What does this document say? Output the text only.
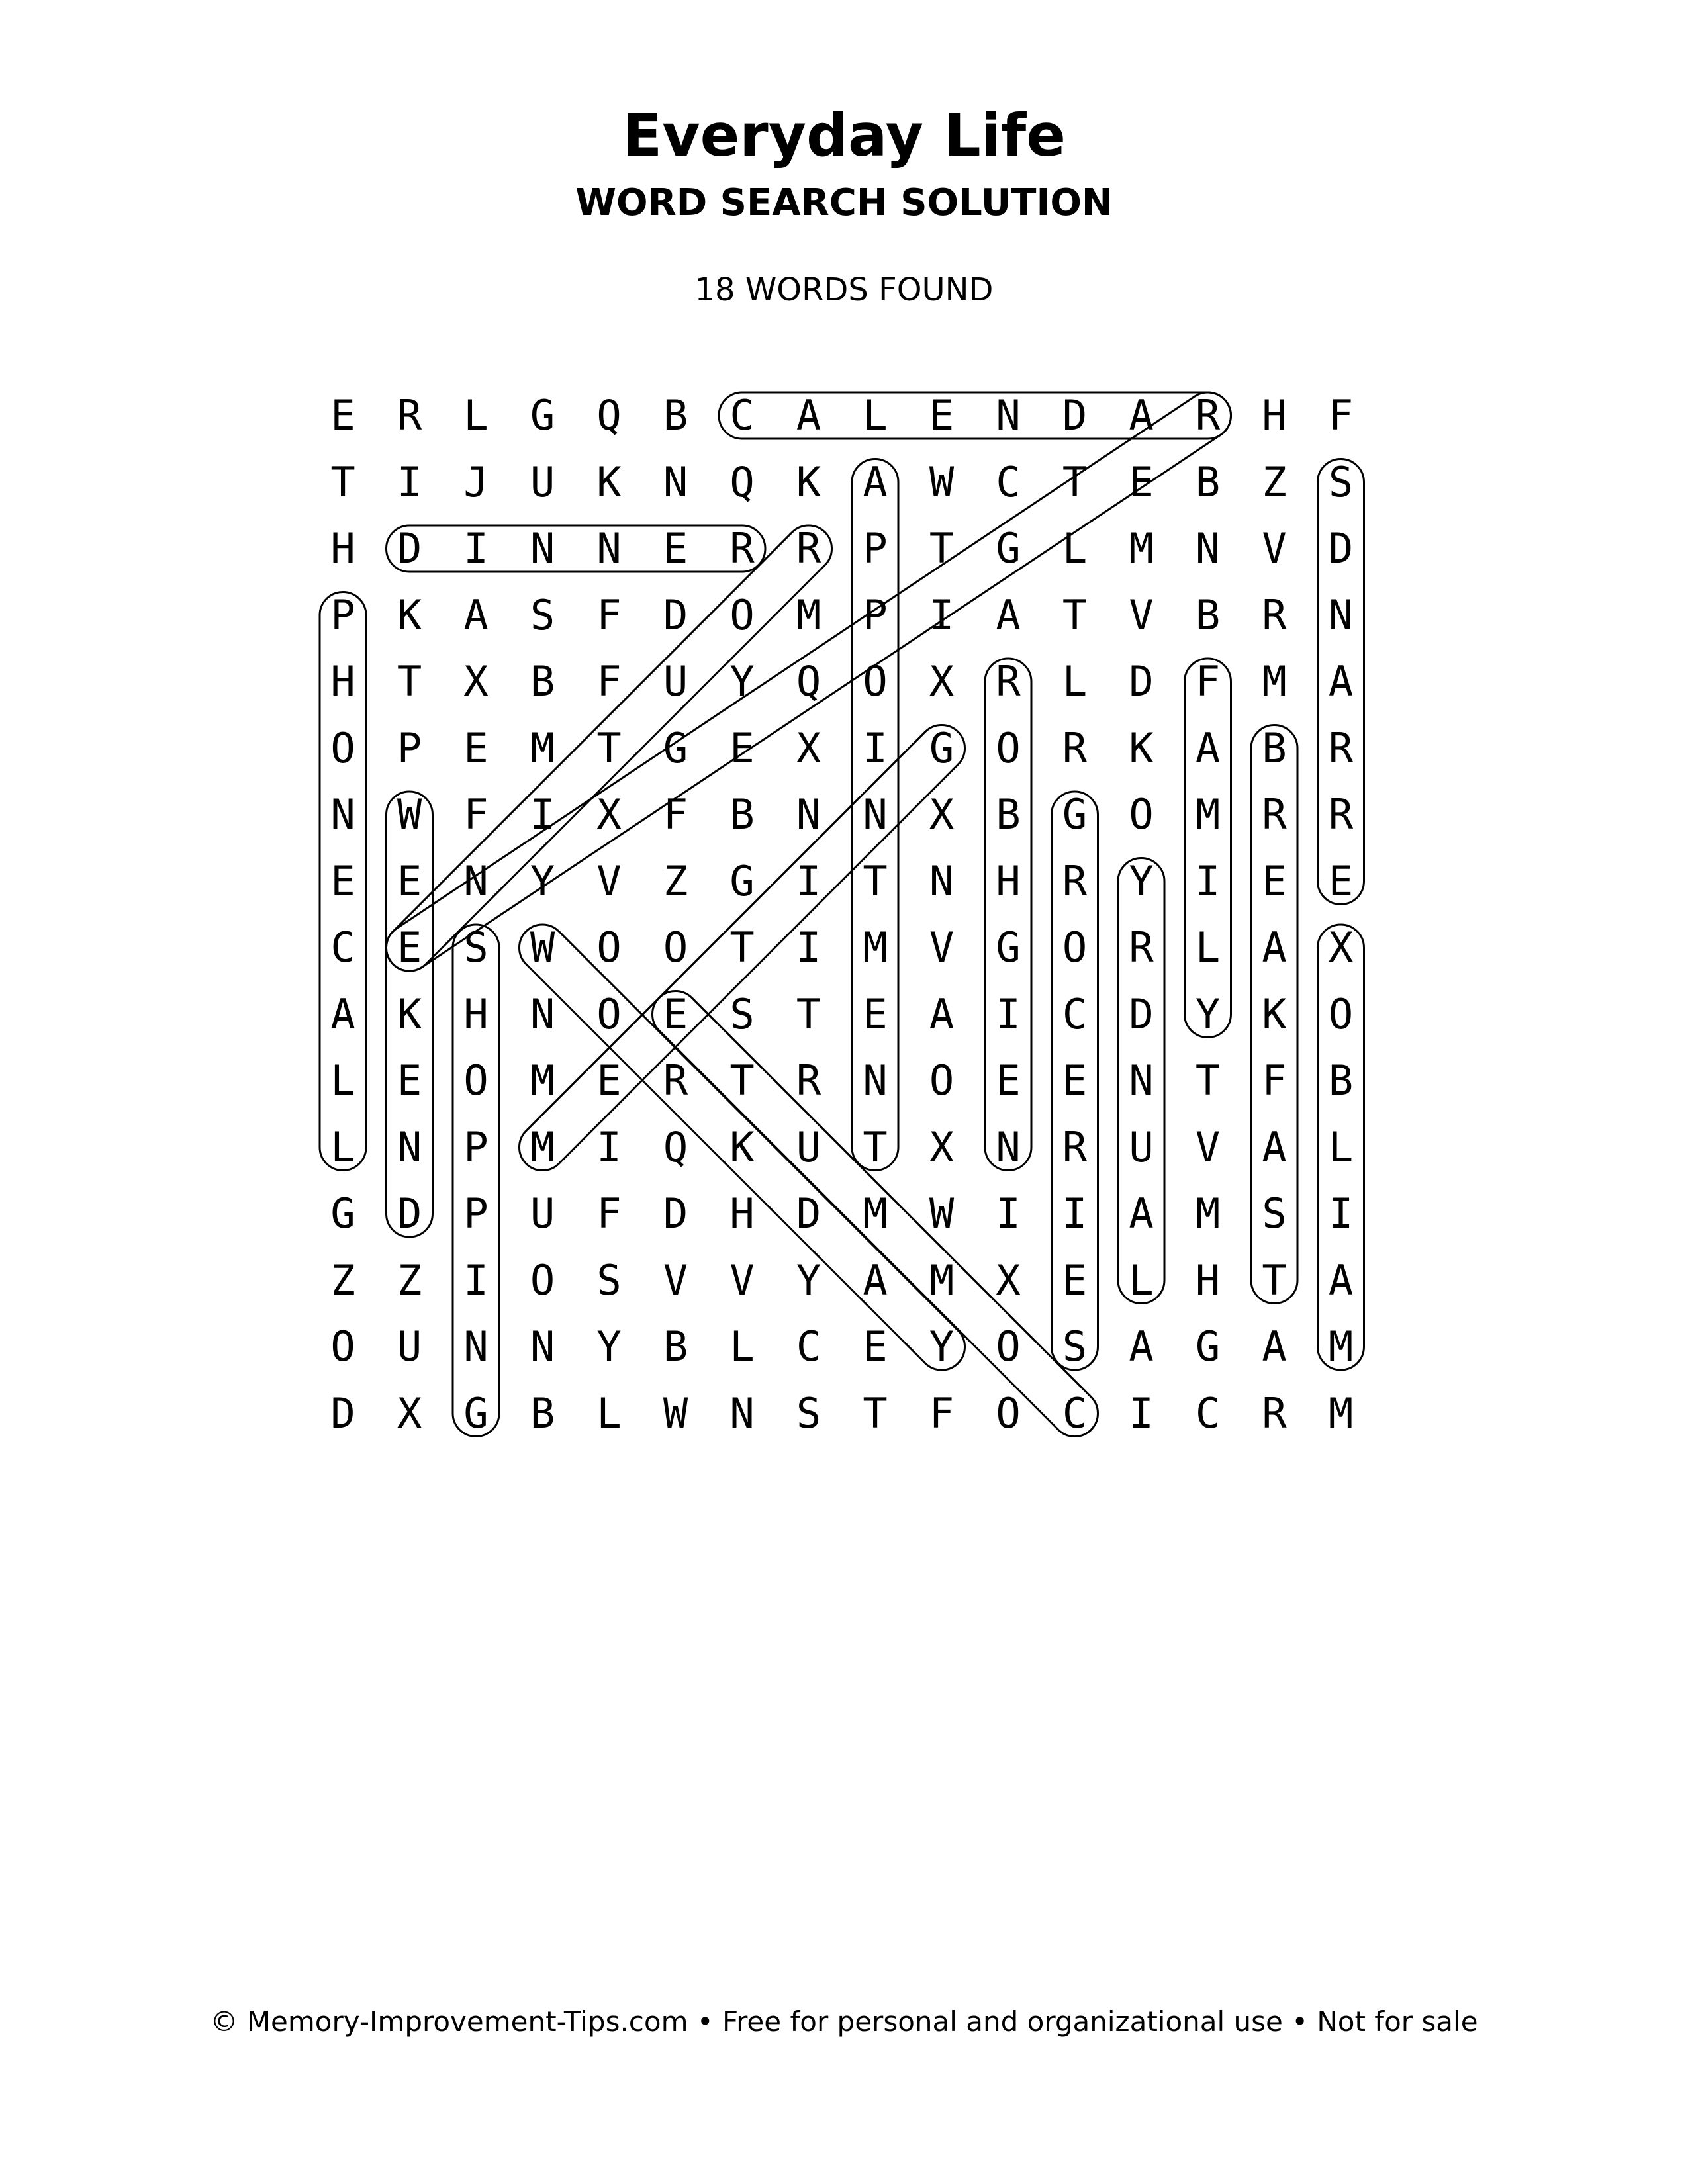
Everyday Life
WORD SEARCH SOLUTION
18 WORDS FOUND
E	R	L	G	Q	B	C	A	L	E	N	D	A	R	H	F
T	I	J	U	K	N	Q	K	A	W	C	T	E	B	Z	S
H	D	I	N	N	E	R	R	P	T	G	L	M	N	V	D
P	K	A	S	F	D	O	M	P	I	A	T	V	B	R	N
H	T	X	B	F	U	Y	Q	O	X	R	L	D	F	M	A
O	P	E	M	T	G	E	X	I	G	O	R	K	A	B	R
N	W	F	I	X	F	B	N	N	X	B	G	O	M	R	R
E	E	N	Y	V	Z	G	I	T	N	H	R	Y	I	E	E
C	E	S	W	O	O	T	I	M	V	G	O	R	L	A	X
A	K	H	N	O	E	S	T	E	A	I	C	D	Y	K	O
L	E	O	M	E	R	T	R	N	O	E	E	N	T	F	B
L	N	P	M	I	Q	K	U	T	X	N	R	U	V	A	L
G	D	P	U	F	D	H	D	M	W	I	I	A	M	S	I
Z	Z	I	O	S	V	V	Y	A	M	X	E	L	H	T	A
O	U	N	N	Y	B	L	C	E	Y	O	S	A	G	A	M
D	X	G	B	L	W	N	S	T	F	O	C	I	C	R	M
© Memory-Improvement-Tips.com • Free for personal and organizational use • Not for sale
